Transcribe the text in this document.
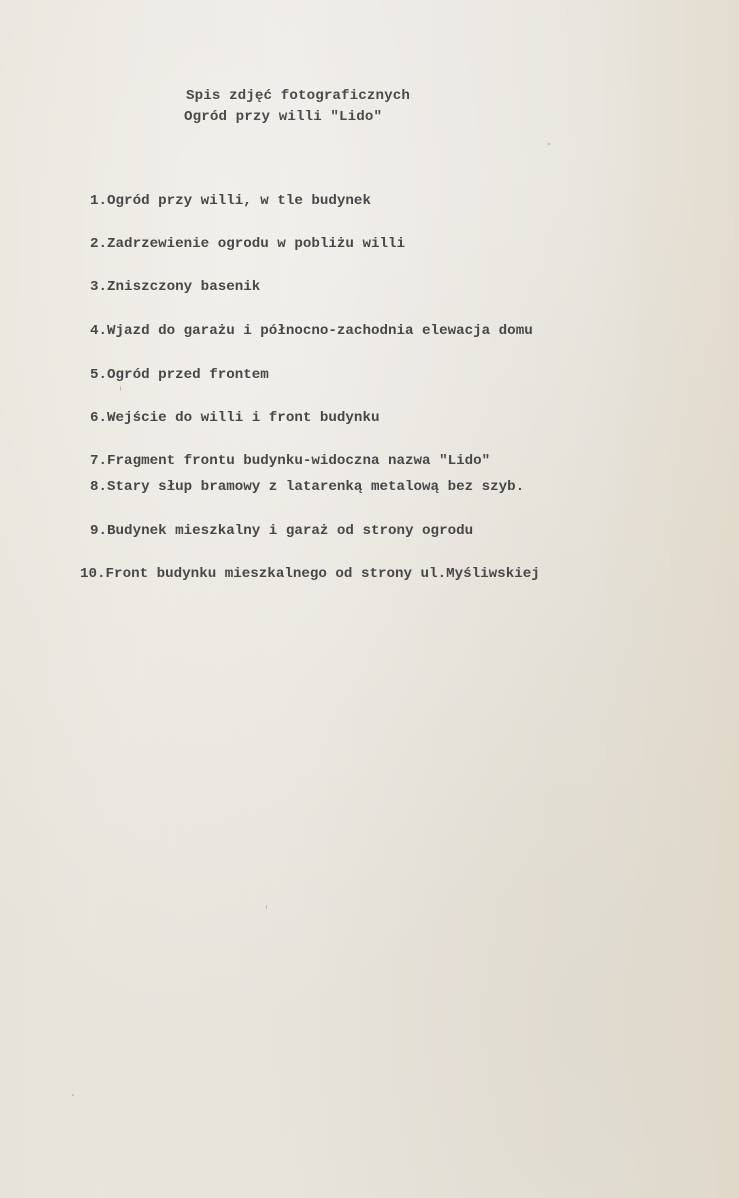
Spis zdjęć fotograficznych
Ogród przy willi "Lido"
1.Ogród przy willi, w tle budynek
2.Zadrzewienie ogrodu w pobliżu willi
3.Zniszczony basenik
4.Wjazd do garażu i północno-zachodnia elewacja domu
5.Ogród przed frontem
6.Wejście do willi i front budynku
7.Fragment frontu budynku-widoczna nazwa "Lido"
8.Stary słup bramowy z latarenką metalową bez szyb.
9.Budynek mieszkalny i garaż od strony ogrodu
10.Front budynku mieszkalnego od strony ul.Myśliwskiej
